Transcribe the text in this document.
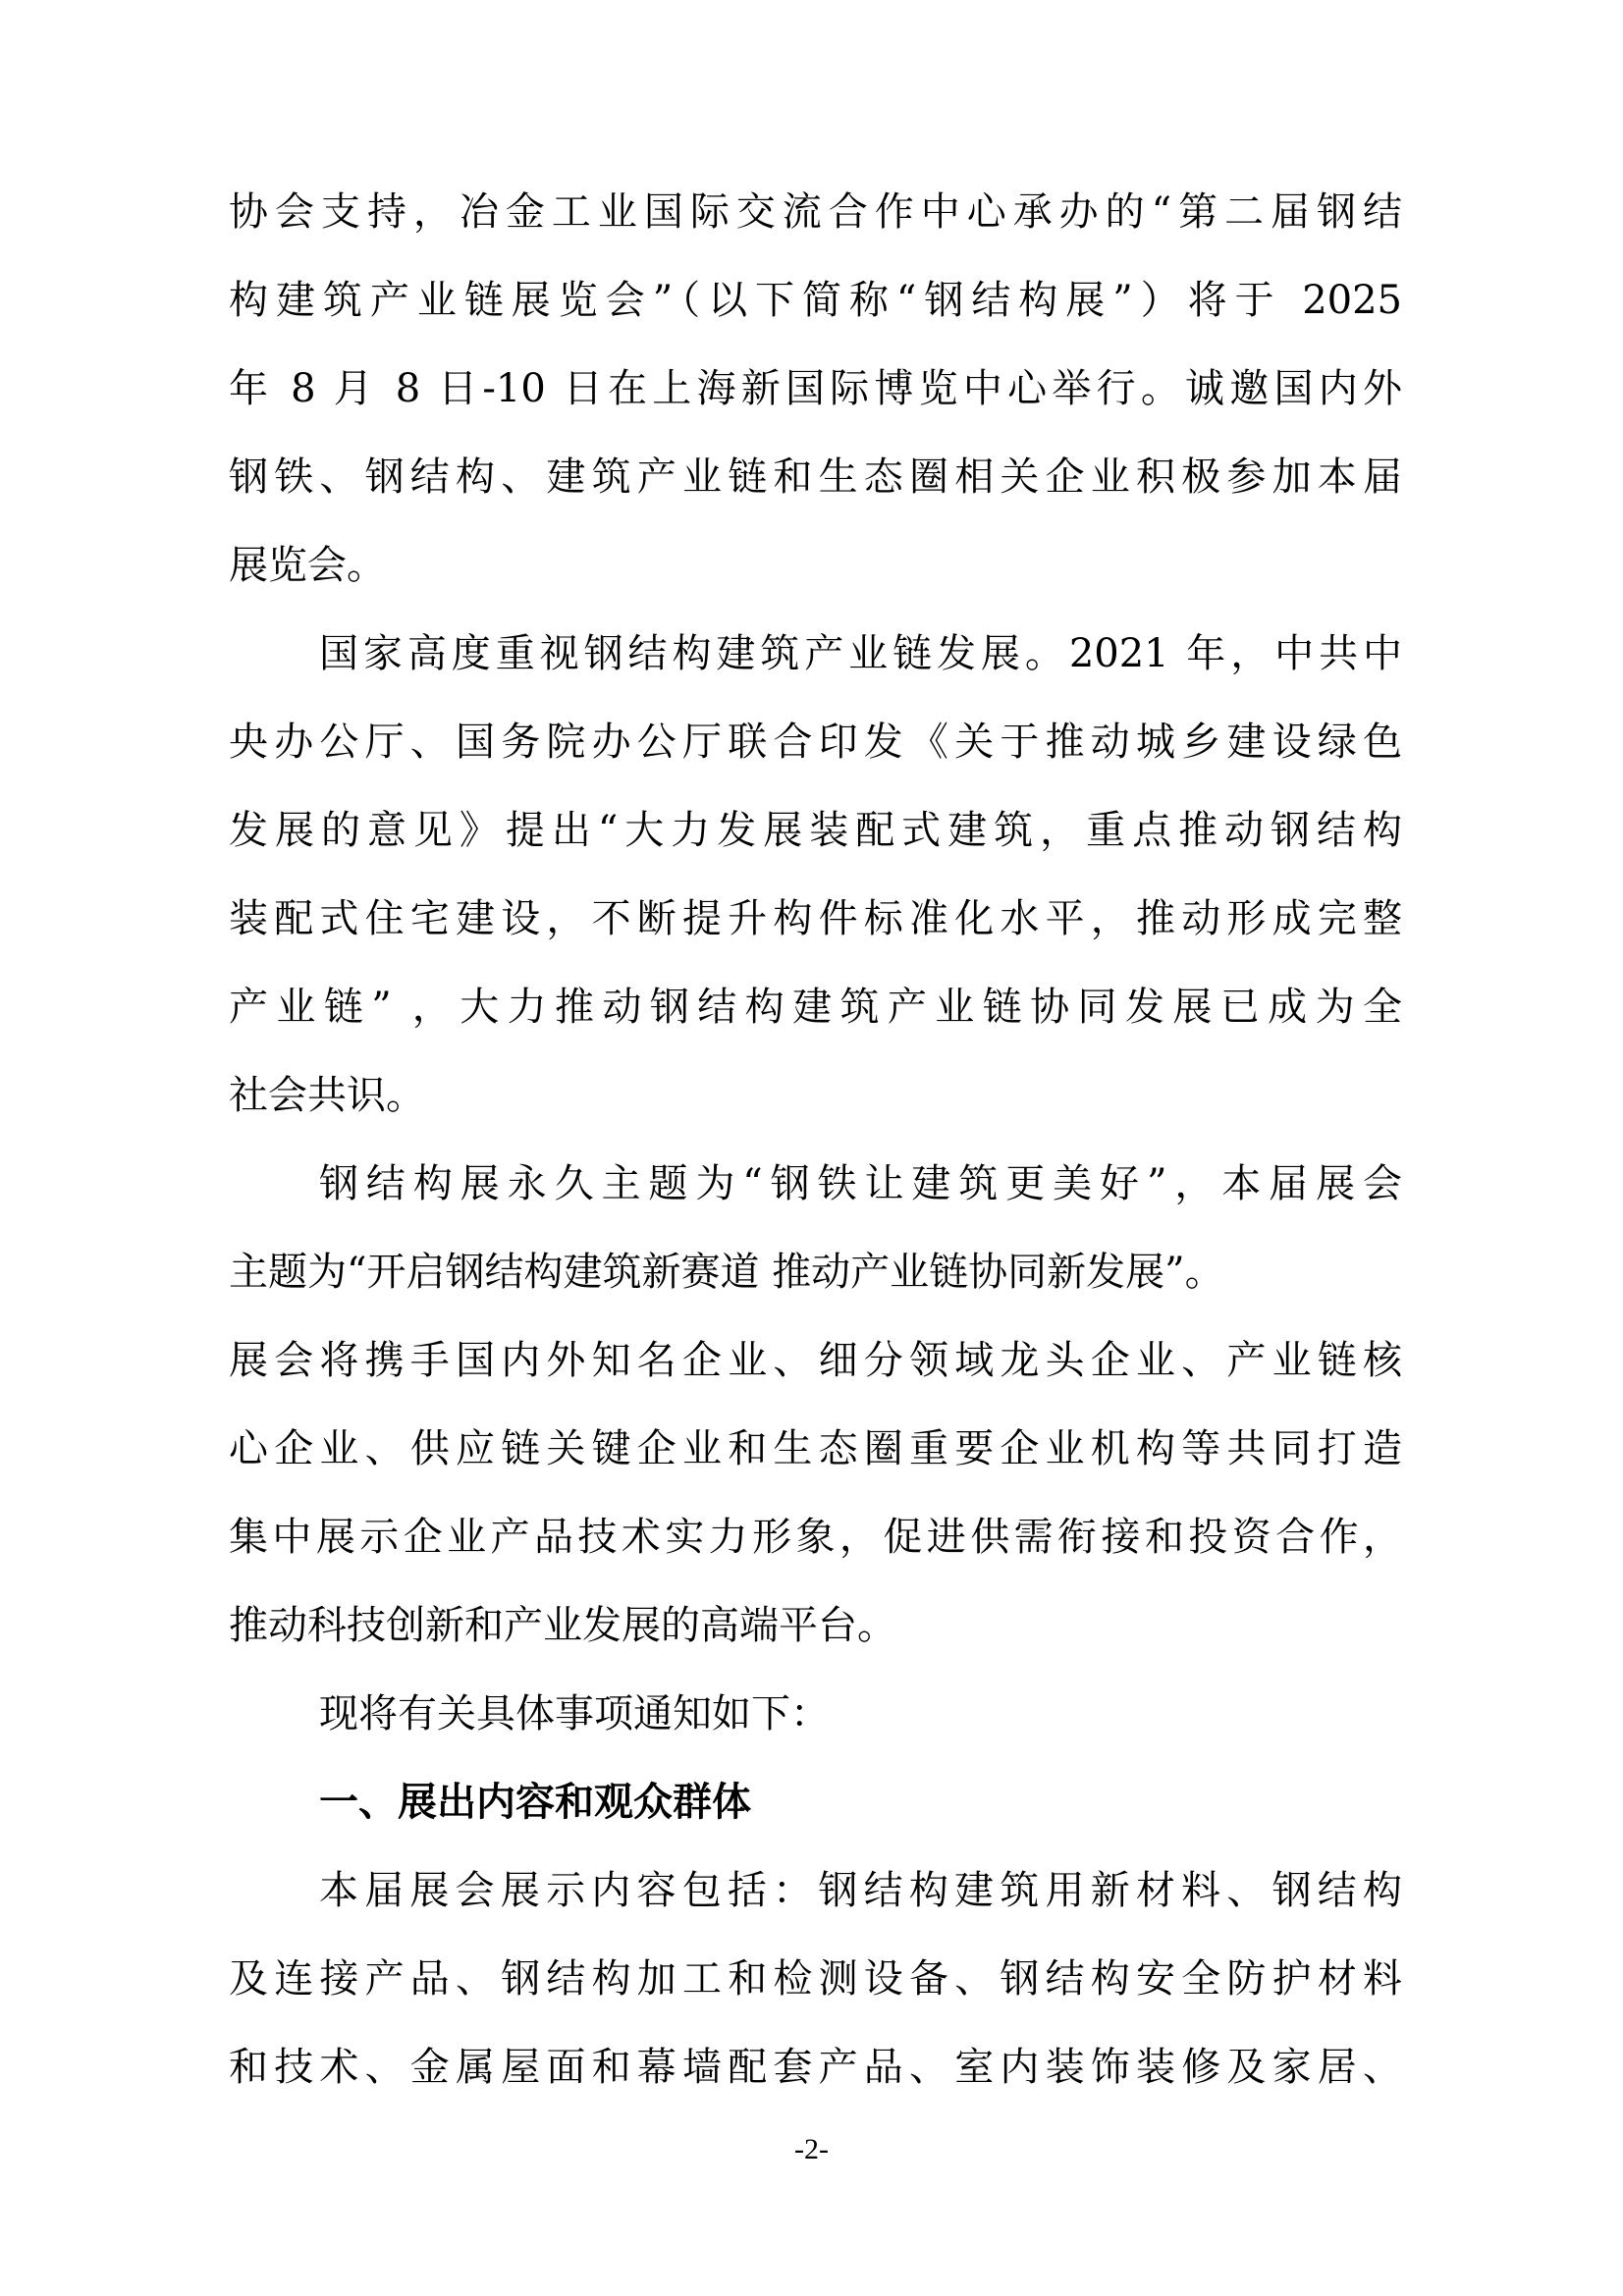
协会支持，冶金工业国际交流合作中心承办的“第二届钢结
构建筑产业链展览会”（以下简称“钢结构展”）将于 2025
年 8 月 8 日-10 日在上海新国际博览中心举行。诚邀国内外
钢铁、钢结构、建筑产业链和生态圈相关企业积极参加本届
展览会。
国家高度重视钢结构建筑产业链发展。2021 年，中共中
央办公厅、国务院办公厅联合印发《关于推动城乡建设绿色
发展的意见》提出“大力发展装配式建筑，重点推动钢结构
装配式住宅建设，不断提升构件标准化水平，推动形成完整
产业链” ，大力推动钢结构建筑产业链协同发展已成为全
社会共识。
钢结构展永久主题为“钢铁让建筑更美好”，本届展会
主题为“开启钢结构建筑新赛道 推动产业链协同新发展”。
展会将携手国内外知名企业、细分领域龙头企业、产业链核
心企业、供应链关键企业和生态圈重要企业机构等共同打造
集中展示企业产品技术实力形象，促进供需衔接和投资合作，
推动科技创新和产业发展的高端平台。
现将有关具体事项通知如下：
一、展出内容和观众群体
本届展会展示内容包括：钢结构建筑用新材料、钢结构
及连接产品、钢结构加工和检测设备、钢结构安全防护材料
和技术、金属屋面和幕墙配套产品、室内装饰装修及家居、
-2-
